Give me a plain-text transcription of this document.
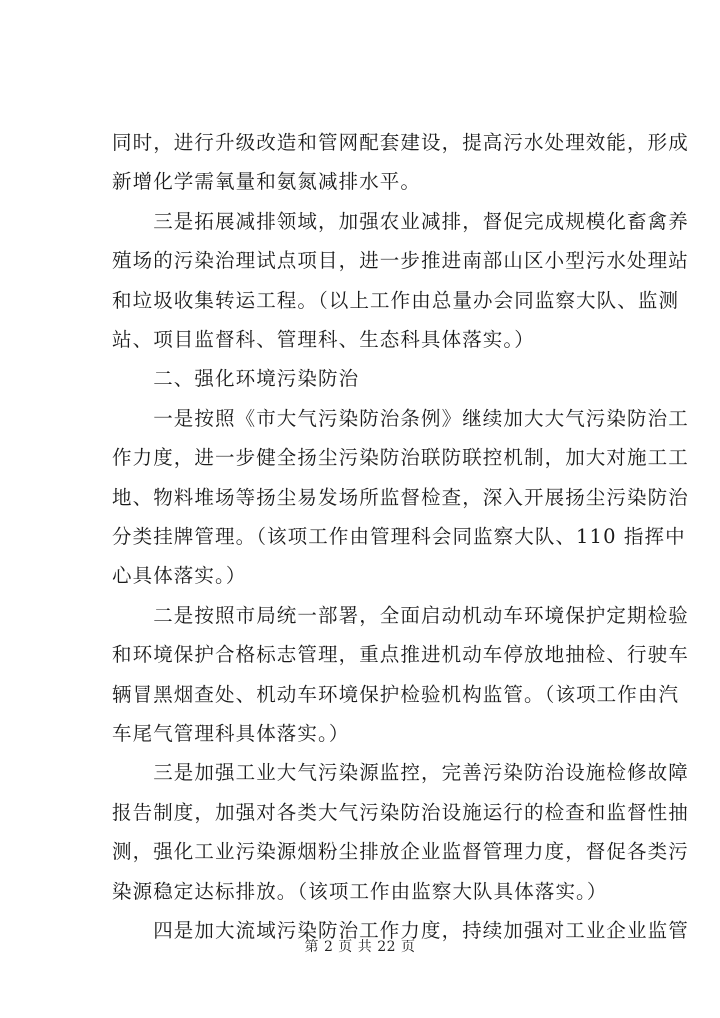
同时，进行升级改造和管网配套建设，提高污水处理效能，形成
新增化学需氧量和氨氮减排水平。
　　三是拓展减排领域，加强农业减排，督促完成规模化畜禽养
殖场的污染治理试点项目，进一步推进南部山区小型污水处理站
和垃圾收集转运工程。（以上工作由总量办会同监察大队、监测
站、项目监督科、管理科、生态科具体落实。）
　　二、强化环境污染防治
　　一是按照《市大气污染防治条例》继续加大大气污染防治工
作力度，进一步健全扬尘污染防治联防联控机制，加大对施工工
地、物料堆场等扬尘易发场所监督检查，深入开展扬尘污染防治
分类挂牌管理。（该项工作由管理科会同监察大队、110 指挥中
心具体落实。）
　　二是按照市局统一部署，全面启动机动车环境保护定期检验
和环境保护合格标志管理，重点推进机动车停放地抽检、行驶车
辆冒黑烟查处、机动车环境保护检验机构监管。（该项工作由汽
车尾气管理科具体落实。）
　　三是加强工业大气污染源监控，完善污染防治设施检修故障
报告制度，加强对各类大气污染防治设施运行的检查和监督性抽
测，强化工业污染源烟粉尘排放企业监督管理力度，督促各类污
染源稳定达标排放。（该项工作由监察大队具体落实。）
　　四是加大流域污染防治工作力度，持续加强对工业企业监管
第 2 页 共 22 页
